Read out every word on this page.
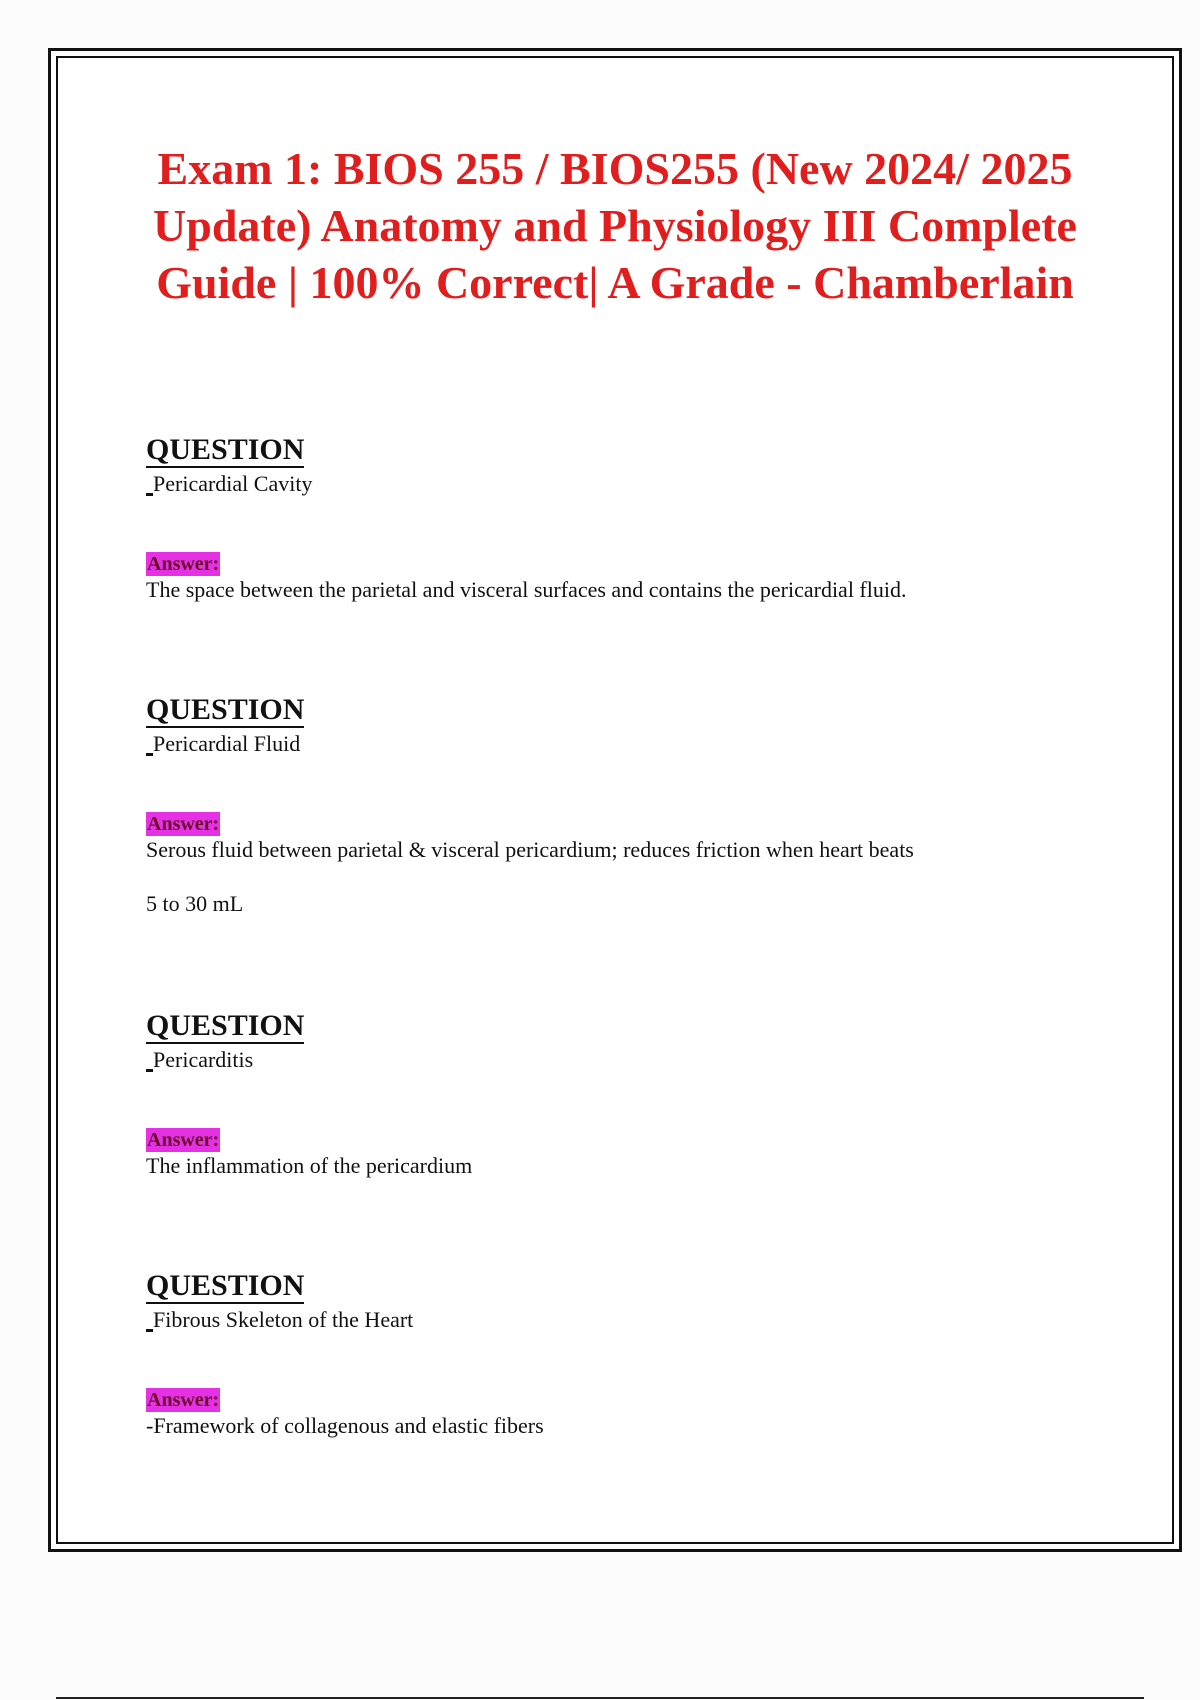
Exam 1: BIOS 255 / BIOS255 (New 2024/ 2025 Update) Anatomy and Physiology III Complete Guide | 100% Correct| A Grade - Chamberlain
QUESTION
Pericardial Cavity
Answer:
The space between the parietal and visceral surfaces and contains the pericardial fluid.
QUESTION
Pericardial Fluid
Answer:
Serous fluid between parietal & visceral pericardium; reduces friction when heart beats
5 to 30 mL
QUESTION
Pericarditis
Answer:
The inflammation of the pericardium
QUESTION
Fibrous Skeleton of the Heart
Answer:
-Framework of collagenous and elastic fibers
